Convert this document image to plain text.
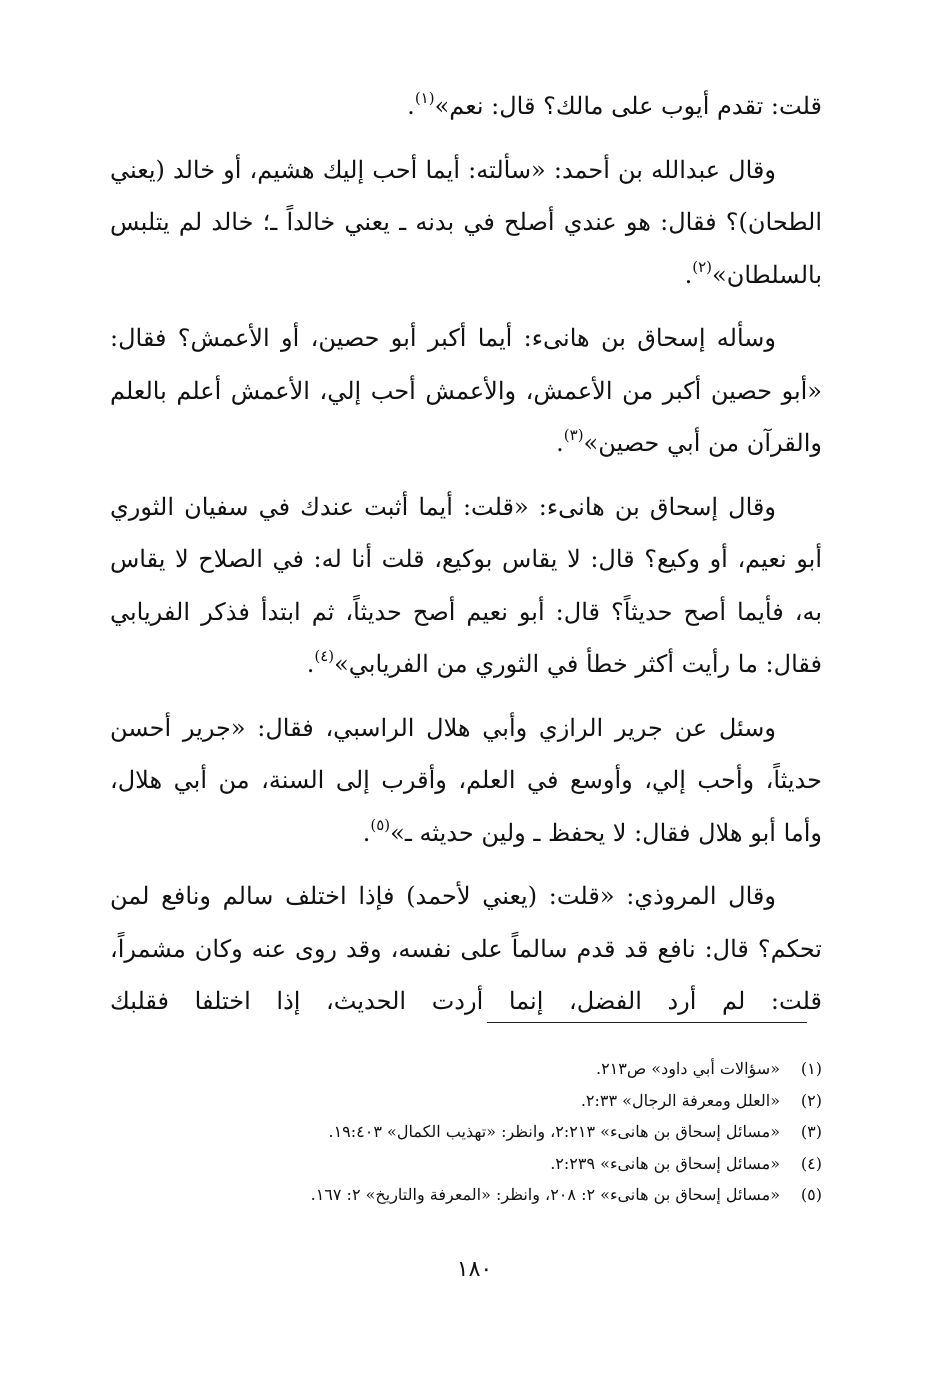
قلت: تقدم أيوب على مالك؟ قال: نعم»$^{(١)}$.

وقال عبدالله بن أحمد: «سألته: أيما أحب إليك هشيم، أو خالد (يعني الطحان)؟ فقال: هو عندي أصلح في بدنه ـ يعني خالداً ـ؛ خالد لم يتلبس بالسلطان»$^{(٢)}$.

وسأله إسحاق بن هانىء: أيما أكبر أبو حصين، أو الأعمش؟ فقال: «أبو حصين أكبر من الأعمش، والأعمش أحب إلي، الأعمش أعلم بالعلم والقرآن من أبي حصين»$^{(٣)}$.

وقال إسحاق بن هانىء: «قلت: أيما أثبت عندك في سفيان الثوري أبو نعيم، أو وكيع؟ قال: لا يقاس بوكيع، قلت أنا له: في الصلاح لا يقاس به، فأيما أصح حديثاً؟ قال: أبو نعيم أصح حديثاً، ثم ابتدأ فذكر الفريابي فقال: ما رأيت أكثر خطأ في الثوري من الفريابي»$^{(٤)}$.

وسئل عن جرير الرازي وأبي هلال الراسبي، فقال: «جرير أحسن حديثاً، وأحب إلي، وأوسع في العلم، وأقرب إلى السنة، من أبي هلال، وأما أبو هلال فقال: لا يحفظ ـ ولين حديثه ـ»$^{(٥)}$.

وقال المروذي: «قلت: (يعني لأحمد) فإذا اختلف سالم ونافع لمن تحكم؟ قال: نافع قد قدم سالماً على نفسه، وقد روى عنه وكان مشمراً، قلت: لم أرد الفضل، إنما أردت الحديث، إذا اختلفا فقلبك

(١)«سؤالات أبي داود» ص٢١٣.
(٢)«العلل ومعرفة الرجال» ٢:٣٣.
(٣)«مسائل إسحاق بن هانىء» ٢:٢١٣، وانظر: «تهذيب الكمال» ١٩:٤٠٣.
(٤)«مسائل إسحاق بن هانىء» ٢:٢٣٩.
(٥)«مسائل إسحاق بن هانىء» ٢: ٢٠٨، وانظر: «المعرفة والتاريخ» ٢: ١٦٧.
١٨٠
